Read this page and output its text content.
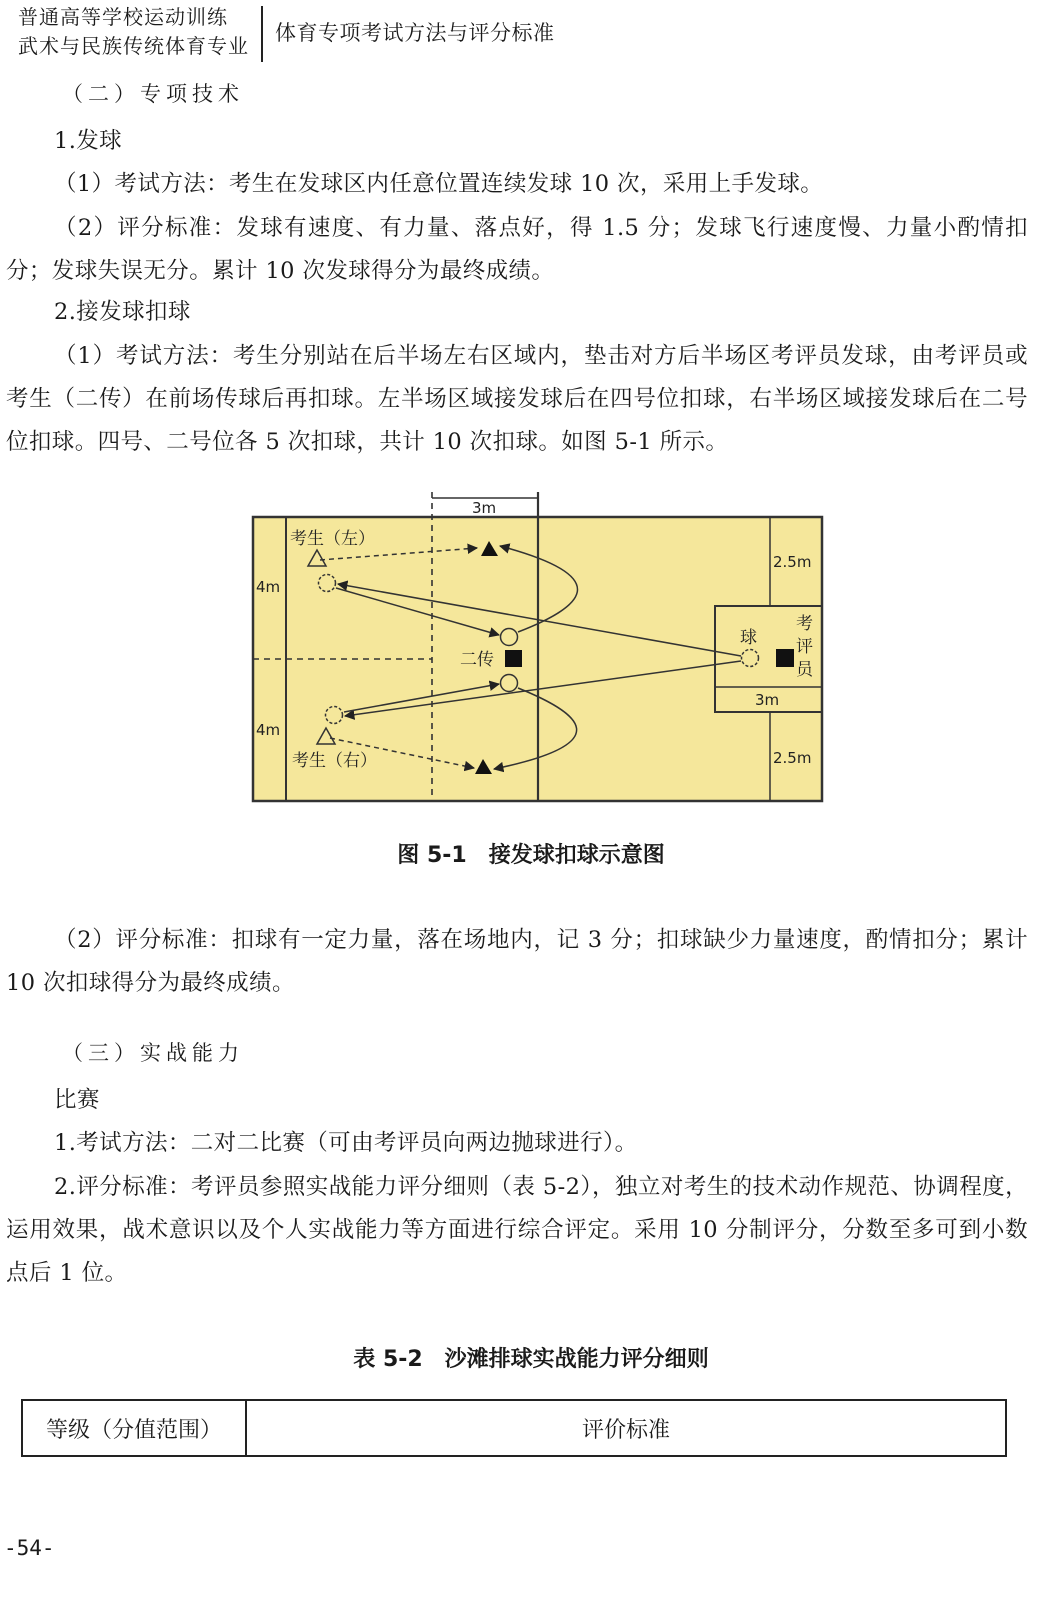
普通高等学校运动训练
武术与民族传统体育专业
体育专项考试方法与评分标准

（二）专项技术

1.发球

（1）考试方法：考生在发球区内任意位置连续发球 10 次，采用上手发球。

（2）评分标准：发球有速度、有力量、落点好，得 1.5 分；发球飞行速度慢、力量小酌情扣分；发球失误无分。累计 10 次发球得分为最终成绩。

2.接发球扣球

（1）考试方法：考生分别站在后半场左右区域内，垫击对方后半场区考评员发球，由考评员或考生（二传）在前场传球后再扣球。左半场区域接发球后在四号位扣球，右半场区域接发球后在二号位扣球。四号、二号位各 5 次扣球，共计 10 次扣球。如图 5-1 所示。

3m
4m
4m
2.5m
2.5m
3m
考生（左）
考生（右）
二传
球
考
评
员

图 5-1　接发球扣球示意图

（2）评分标准：扣球有一定力量，落在场地内，记 3 分；扣球缺少力量速度，酌情扣分；累计 10 次扣球得分为最终成绩。

（三）实战能力

比赛

1.考试方法：二对二比赛（可由考评员向两边抛球进行）。

2.评分标准：考评员参照实战能力评分细则（表 5-2），独立对考生的技术动作规范、协调程度，运用效果，战术意识以及个人实战能力等方面进行综合评定。采用 10 分制评分，分数至多可到小数点后 1 位。

表 5-2　沙滩排球实战能力评分细则

等级（分值范围）	评价标准
-54-
